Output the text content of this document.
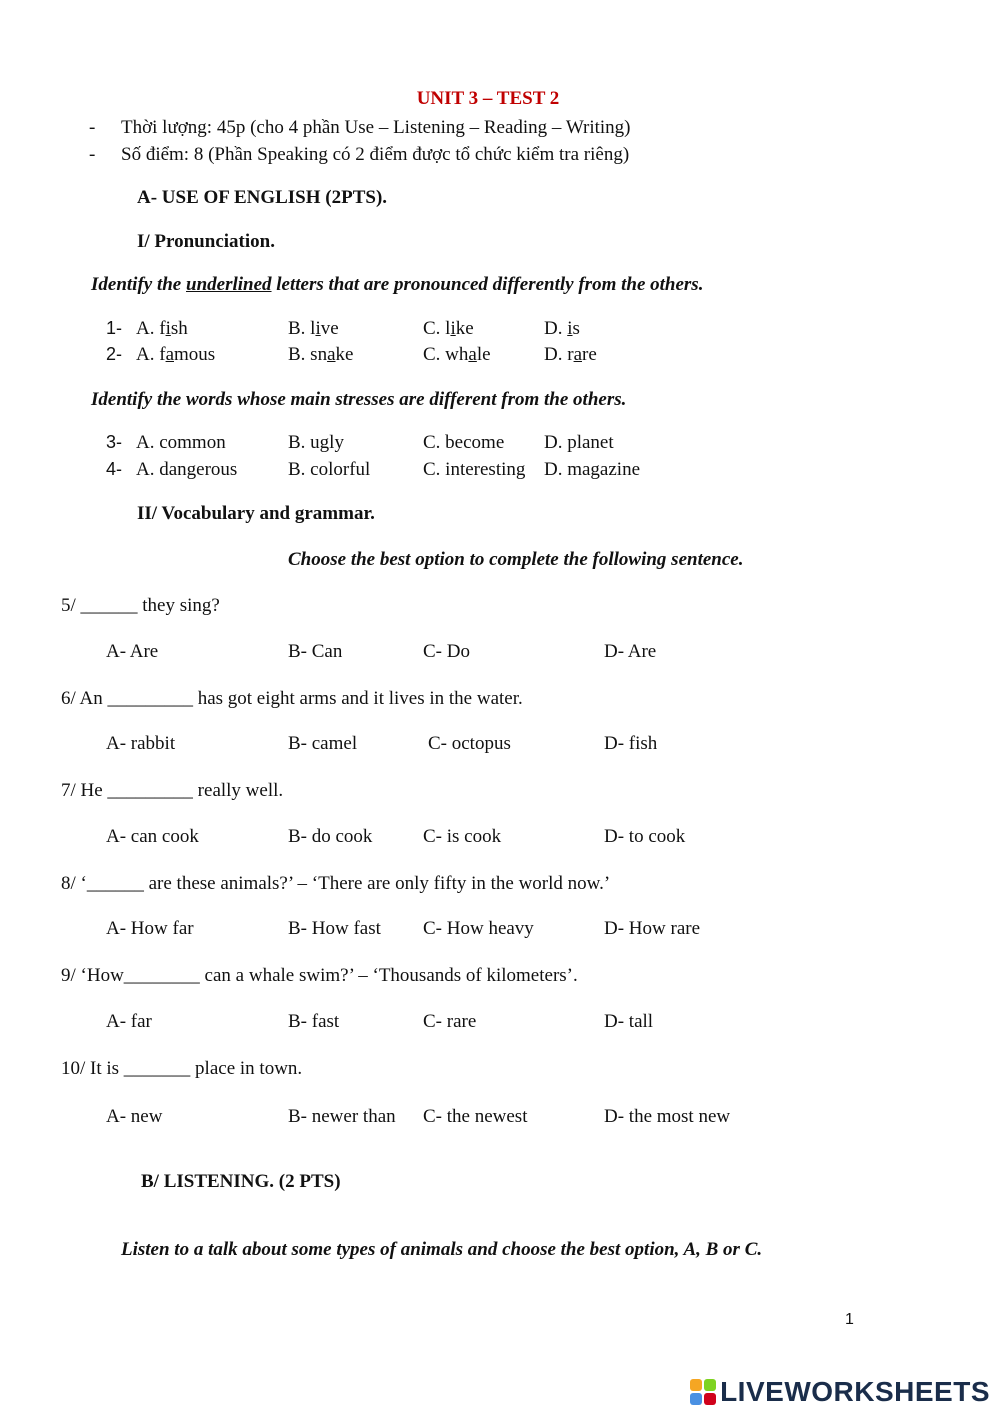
UNIT 3 – TEST 2
- Thời lượng: 45p (cho 4 phần Use – Listening – Reading – Writing)
- Số điểm: 8 (Phần Speaking có 2 điểm được tổ chức kiểm tra riêng)
A- USE OF ENGLISH (2PTS).
I/ Pronunciation.
Identify the underlined letters that are pronounced differently from the others.
1- A. fish	B. live	C. like	D. is
2- A. famous	B. snake	C. whale	D. rare
Identify the words whose main stresses are different from the others.
3- A. common	B. ugly	C. become D. planet
4- A. dangerous	B. colorful	C. interesting D. magazine
II/ Vocabulary and grammar.
Choose the best option to complete the following sentence.
5/ ______ they sing?
A- Are	B- Can	C- Do	D- Are
6/ An _________ has got eight arms and it lives in the water.
A- rabbit	B- camel	C- octopus	D- fish
7/ He _________ really well.
A- can cook	B- do cook	C- is cook	D- to cook
8/ ‘______ are these animals?’ – ‘There are only fifty in the world now.’
A- How far	B- How fast C- How heavy	D- How rare
9/ ‘How________ can a whale swim?’ – ‘Thousands of kilometers’.
A- far	B- fast	C- rare	D- tall
10/ It is _______ place in town.
A- new	B- newer than C- the newest	D- the most new
B/ LISTENING. (2 PTS)
Listen to a talk about some types of animals and choose the best option, A, B or C.
1
LIVEWORKSHEETS
